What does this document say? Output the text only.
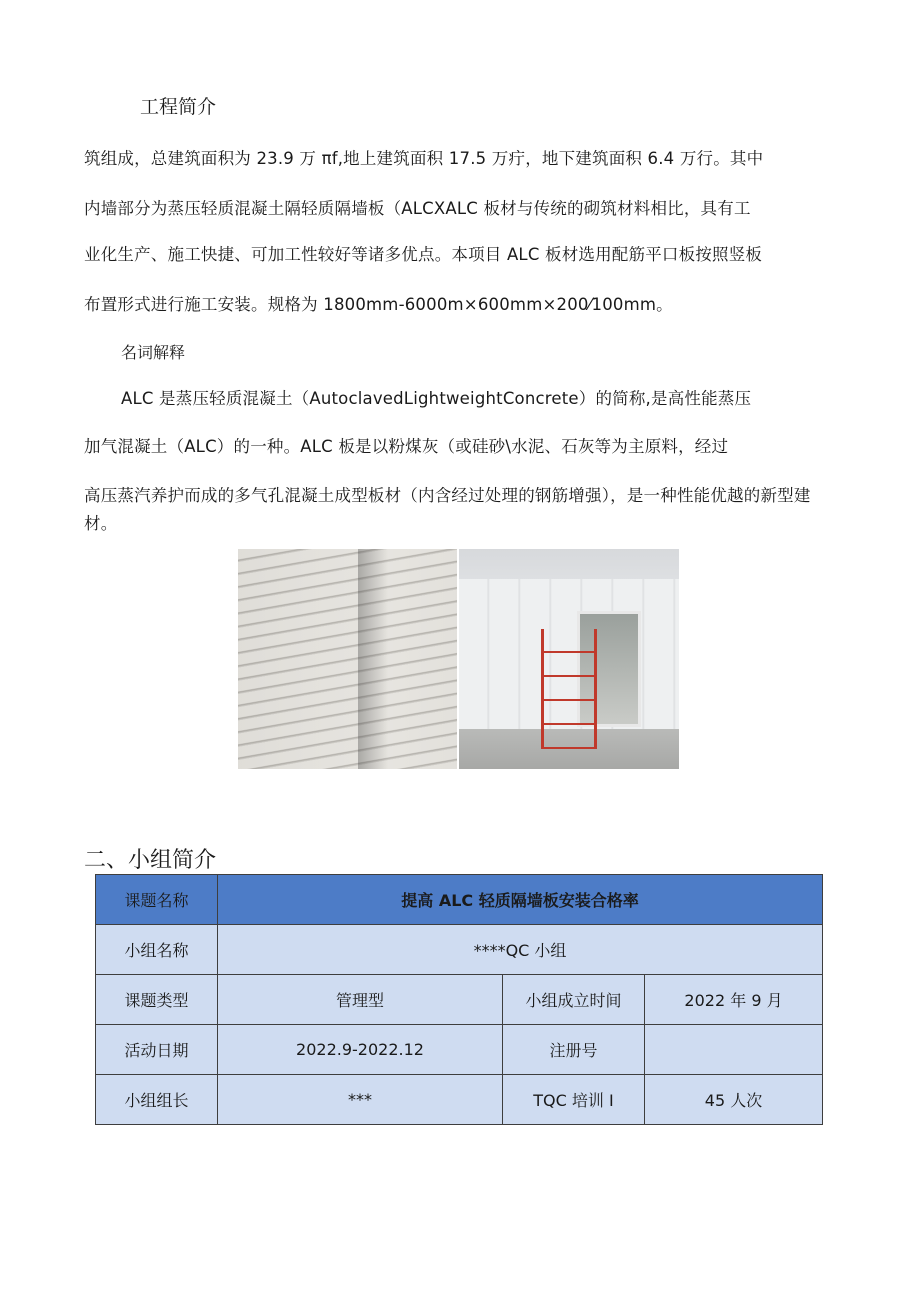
工程简介
筑组成，总建筑面积为 23.9 万 πf,地上建筑面积 17.5 万疔，地下建筑面积 6.4 万行。其中
内墙部分为蒸压轻质混凝土隔轻质隔墙板（ALCXALC 板材与传统的砌筑材料相比，具有工
业化生产、施工快捷、可加工性较好等诸多优点。本项目 ALC 板材选用配筋平口板按照竖板
布置形式进行施工安装。规格为 1800mm-6000m×600mm×200⁄100mm。
名词解释
ALC 是蒸压轻质混凝土（AutoclavedLightweightConcrete）的简称,是高性能蒸压
加气混凝土（ALC）的一种。ALC 板是以粉煤灰（或硅砂\水泥、石灰等为主原料，经过
高压蒸汽养护而成的多气孔混凝土成型板材（内含经过处理的钢筋增强），是一种性能优越的新型建
材。
二、小组简介
课题名称	提高 ALC 轻质隔墙板安装合格率		
小组名称	****QC 小组		
课题类型	管理型	小组成立时间	2022 年 9 月
活动日期	2022.9-2022.12	注册号	
小组组长	***	TQC 培训 I	45 人次
